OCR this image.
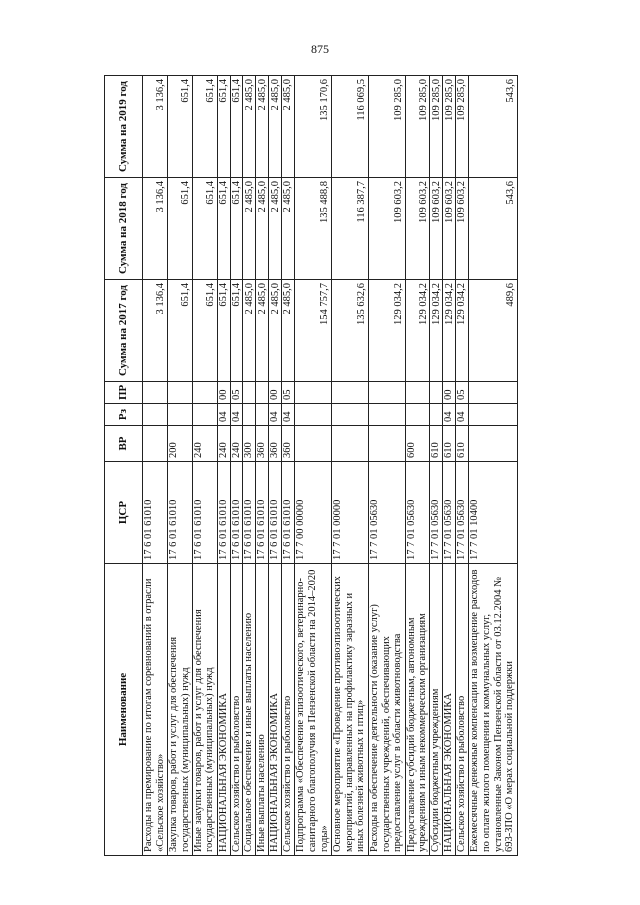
875
Наименование	ЦСР	ВР	Рз	ПР	Сумма на 2017 год	Сумма на 2018 год	Сумма на 2019 год
Расходы на премирование по итогам соревнований в отрасли «Сельское хозяйство»	17 6 01 61010				3 136,4	3 136,4	3 136,4
Закупка товаров, работ и услуг для обеспечения государственных (муниципальных) нужд	17 6 01 61010	200			651,4	651,4	651,4
Иные закупки товаров, работ и услуг для обеспечения государственных (муниципальных) нужд	17 6 01 61010	240			651,4	651,4	651,4
НАЦИОНАЛЬНАЯ ЭКОНОМИКА	17 6 01 61010	240	04	00	651,4	651,4	651,4
Сельское хозяйство и рыболовство	17 6 01 61010	240	04	05	651,4	651,4	651,4
Социальное обеспечение и иные выплаты населению	17 6 01 61010	300			2 485,0	2 485,0	2 485,0
Иные выплаты населению	17 6 01 61010	360			2 485,0	2 485,0	2 485,0
НАЦИОНАЛЬНАЯ ЭКОНОМИКА	17 6 01 61010	360	04	00	2 485,0	2 485,0	2 485,0
Сельское хозяйство и рыболовство	17 6 01 61010	360	04	05	2 485,0	2 485,0	2 485,0
Подпрограмма «Обеспечение эпизоотического, ветеринарно-санитарного благополучия в Пензенской области на 2014–2020 годы»	17 7 00 00000				154 757,7	135 488,8	135 170,6
Основное мероприятие «Проведение противоэпизоотических мероприятий, направленных на профилактику заразных и иных болезней животных и птиц»	17 7 01 00000				135 632,6	116 387,7	116 069,5
Расходы на обеспечение деятельности (оказание услуг) государственных учреждений, обеспечивающих предоставление услуг в области животноводства	17 7 01 05630				129 034,2	109 603,2	109 285,0
Предоставление субсидий бюджетным, автономным учреждениям и иным некоммерческим организациям	17 7 01 05630	600			129 034,2	109 603,2	109 285,0
Субсидии бюджетным учреждениям	17 7 01 05630	610			129 034,2	109 603,2	109 285,0
НАЦИОНАЛЬНАЯ ЭКОНОМИКА	17 7 01 05630	610	04	00	129 034,2	109 603,2	109 285,0
Сельское хозяйство и рыболовство	17 7 01 05630	610	04	05	129 034,2	109 603,2	109 285,0
Ежемесячные денежные компенсации на возмещение расходов по оплате жилого помещения и коммунальных услуг, установленные Законом Пензенской области от 03.12.2004 № 693-ЗПО «О мерах социальной поддержки	17 7 01 10400				489,6	543,6	543,6
